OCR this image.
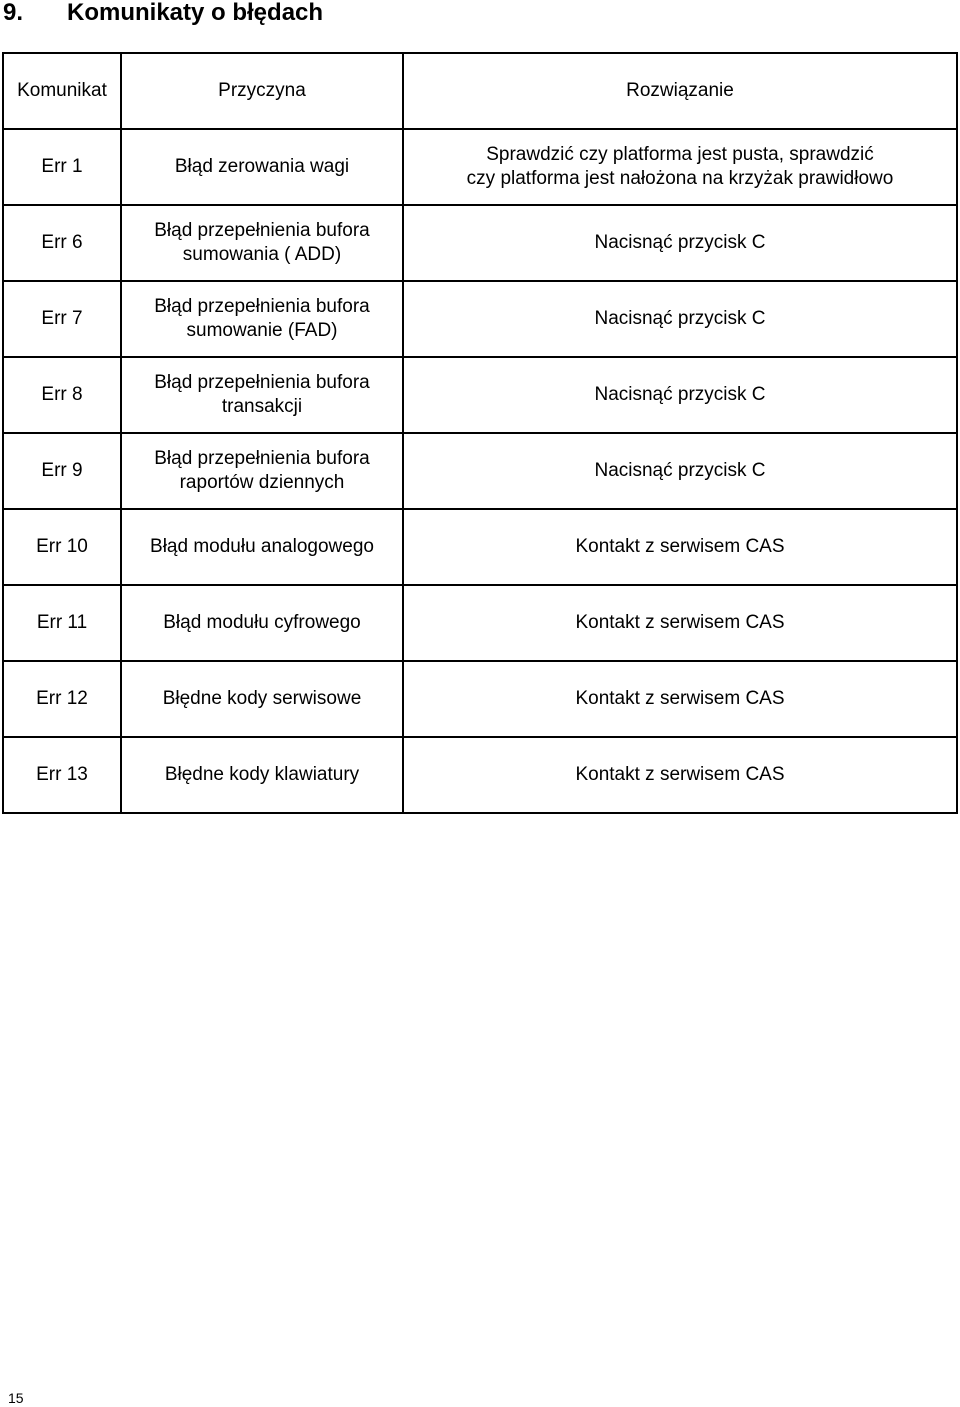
9. Komunikaty o błędach
Komunikat	Przyczyna	Rozwiązanie
Err 1	Błąd zerowania wagi	Sprawdzić czy platforma jest pusta, sprawdzić
czy platforma jest nałożona na krzyżak prawidłowo
Err 6	Błąd przepełnienia bufora
sumowania ( ADD)	Nacisnąć przycisk C
Err 7	Błąd przepełnienia bufora
sumowanie (FAD)	Nacisnąć przycisk C
Err 8	Błąd przepełnienia bufora
transakcji	Nacisnąć przycisk C
Err 9	Błąd przepełnienia bufora
raportów dziennych	Nacisnąć przycisk C
Err 10	Błąd modułu analogowego	Kontakt z serwisem CAS
Err 11	Błąd modułu cyfrowego	Kontakt z serwisem CAS
Err 12	Błędne kody serwisowe	Kontakt z serwisem CAS
Err 13	Błędne kody klawiatury	Kontakt z serwisem CAS
15
